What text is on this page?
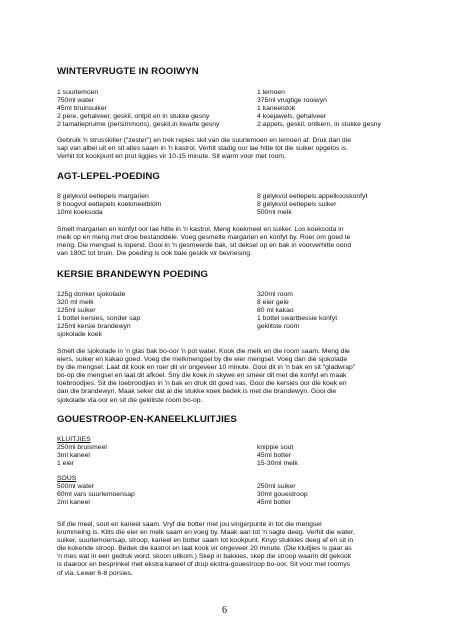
WINTERVRUGTE IN ROOIWYN
1 suurlemoen
750ml water
45ml bruinsuiker
2 pere, gehalveer, geskil, ontpit en in stukke gesny
2 tamatiepruime (persimmons), geskil,in kwarte gesny
1 lemoen
375ml vrugtige rooiwyn
1 kaneelstok
4 koejawels, gehalveer
2 appels, geskil, ontkern, in stukke gesny

Gebruik 'n strusskiller ("zester") en trek repies skil van die suurlemoen en lemoen af. Druk dan die
sap van albei uit en sit alles saam in 'n kastrol. Verhit stadig oor lae hitte tot die suiker opgelos is.
Verhit tot kookpunt en prut liggies vir 10-15 minute. Sit warm voor met room.

AGT-LEPEL-POEDING
8 gelykvol eetlepels margarien
8 hoogvol eetlepels koekmeelblom
10ml koeksoda
8 gelykvol eetlepels appelkooskonfyt
8 gelykvol eetlepels suiker
500ml melk

Smelt margarien en konfyt oor lae hitte in 'n kastrol. Meng koekmeel en suiker. Los koeksoda in
melk op en meng met droe bestanddele. Voeg gesmelte margarien en konfyt by. Roer om goed te
meng. Die mengsel is lopend. Gooi in 'n gesmeerde bak, sit deksel op en bak in voorverhitte oond
van 180C tot bruin. Die poeding is ook baie geskik vir bevriesing.

KERSIE BRANDEWYN POEDING
125g donker sjokolade
320 ml melk
125ml suiker
1 bottel kersies, sonder sap
125ml kersie brandewyn
sjokolade koek
320ml room
8 eier gele
80 ml kakao
1 bottel swartbessie konfyt
geklitste room

Smelt die sjokolade in 'n glas bak bo-oor 'n pot water. Kook die melk en die room saam. Meng die
eiers, suiker en kakao goed. Voeg die melkmengsel by die eier mengsel. Voeg dan die sjokolade
by die mengsel. Laat dit kook en roer dit vir ongeveer 10 minute. Gooi dit in 'n bak en sit "gladwrap"
bo-op die mengsel en laat dit afkoel. Sny die koek in skywe en smeer dit met die konfyt en maak
toebroodjies. Sit die toebroodjies in 'n bak en druk dit goed vas. Gooi die kersies oor die koek en
dan die brandewyn. Maak seker dat al die stukke koek bedek is met die brandewyn. Gooi die
sjokolade vla oor en sit die geklitste room bo-op.

GOUESTROOP-EN-KANEELKLUITJIES
KLUITJIES
250ml bruismeel
3ml kaneel
1 eier

knippie sout
45ml botter
15-30ml melk
SOUS
500ml water
60ml vars suurlemoensap
2ml kaneel

250ml suiker
30ml gouestroop
45ml botter

Sif die meel, sout en kaneel saam. Vryf die botter met jou vingerpunte in tot die mengsel
krummelrig is. Klits die eier en melk saam en voeg by. Maak aan tot 'n sagte deeg. Verhit die water,
suiker, suurlemoensap, stroop, kaneel en botter saam tot kookpunt. Knyp stukkies deeg af en sit in
die kokende stroop. Bedek die kastrol en laat kook vir ongeveer 20 minute. (Die kluitjies is gaar as
'n mes wat in een gedruk word, skoon uitkom.) Skep in bakkies, skep die stroop waarin dit gekook
is daaroor en besprinkel met ekstra kaneel of drup ekstra-gouestroop bo-oor. Sit voor met roomys
of vla. Lewer 6-8 porsies.

6
